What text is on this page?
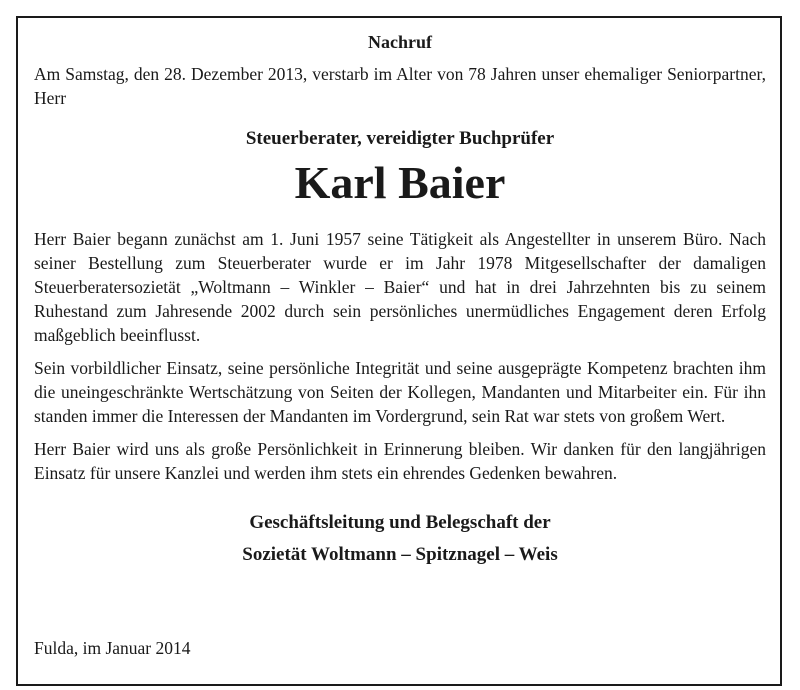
Nachruf

Am Samstag, den 28. Dezember 2013, verstarb im Alter von 78 Jahren unser ehemaliger Seniorpartner, Herr

Steuerberater, vereidigter Buchprüfer
Karl Baier

Herr Baier begann zunächst am 1. Juni 1957 seine Tätigkeit als Angestellter in unserem Büro. Nach seiner Bestellung zum Steuerberater wurde er im Jahr 1978 Mitgesellschafter der damaligen Steuerberatersozietät „Woltmann – Winkler – Baier“ und hat in drei Jahrzehnten bis zu seinem Ruhestand zum Jahresende 2002 durch sein persönliches unermüdliches Engagement deren Erfolg maßgeblich beeinflusst.

Sein vorbildlicher Einsatz, seine persönliche Integrität und seine ausgeprägte Kompetenz brachten ihm die uneingeschränkte Wertschätzung von Seiten der Kollegen, Mandanten und Mitarbeiter ein. Für ihn standen immer die Interessen der Mandanten im Vordergrund, sein Rat war stets von großem Wert.

Herr Baier wird uns als große Persönlichkeit in Erinnerung bleiben. Wir danken für den langjährigen Einsatz für unsere Kanzlei und werden ihm stets ein ehrendes Gedenken bewahren.

Geschäftsleitung und Belegschaft der
Sozietät Woltmann – Spitznagel – Weis
Fulda, im Januar 2014
